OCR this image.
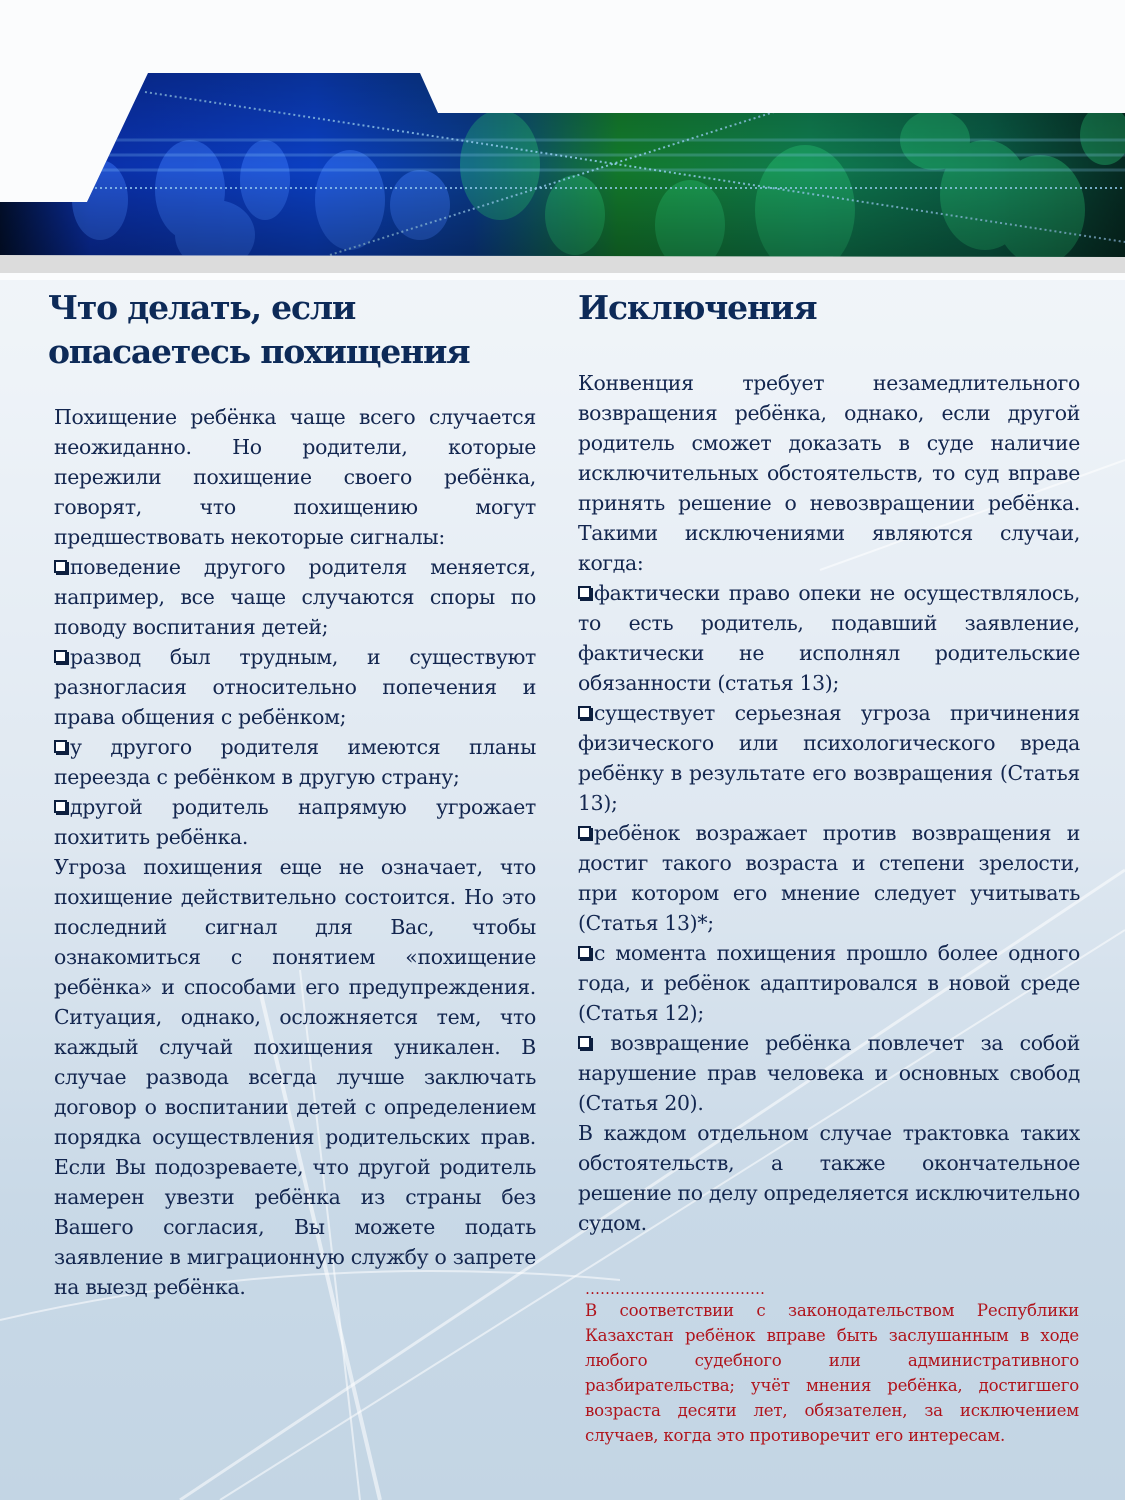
Что делать, если опасаетесь похищения

Похищение ребёнка чаще всего случается неожиданно. Но родители, которые пережили похищение своего ребёнка, говорят, что похищению могут предшествовать некоторые сигналы:

поведение другого родителя меняется, например, все чаще случаются споры по поводу воспитания детей;
развод был трудным, и существуют разногласия относительно попечения и права общения с ребёнком;
у другого родителя имеются планы переезда с ребёнком в другую страну;
другой родитель напрямую угрожает похитить ребёнка.

Угроза похищения еще не означает, что похищение действительно состоится. Но это последний сигнал для Вас, чтобы ознакомиться с понятием «похищение ребёнка» и способами его предупреждения. Ситуация, однако, осложняется тем, что каждый случай похищения уникален. В случае развода всегда лучше заключать договор о воспитании детей с определением порядка осуществления родительских прав. Если Вы подозреваете, что другой родитель намерен увезти ребёнка из страны без Вашего согласия, Вы можете подать заявление в миграционную службу о запрете на выезд ребёнка.

Исключения

Конвенция требует незамедлительного возвращения ребёнка, однако, если другой родитель сможет доказать в суде наличие исключительных обстоятельств, то суд вправе принять решение о невозвращении ребёнка. Такими исключениями являются случаи, когда:

фактически право опеки не осуществлялось, то есть родитель, подавший заявление, фактически не исполнял родительские обязанности (статья 13);
существует серьезная угроза причинения физического или психологического вреда ребёнку в результате его возвращения (Статья 13);
ребёнок возражает против возвращения и достиг такого возраста и степени зрелости, при котором его мнение следует учитывать (Статья 13)*;
с момента похищения прошло более одного года, и ребёнок адаптировался в новой среде (Статья 12);
возвращение ребёнка повлечет за собой нарушение прав человека и основных свобод (Статья 20).

В каждом отдельном случае трактовка таких обстоятельств, а также окончательное решение по делу определяется исключительно судом.

………………………………

В соответствии с законодательством Республики Казахстан ребёнок вправе быть заслушанным в ходе любого судебного или административного разбирательства; учёт мнения ребёнка, достигшего возраста десяти лет, обязателен, за исключением случаев, когда это противоречит его интересам.
